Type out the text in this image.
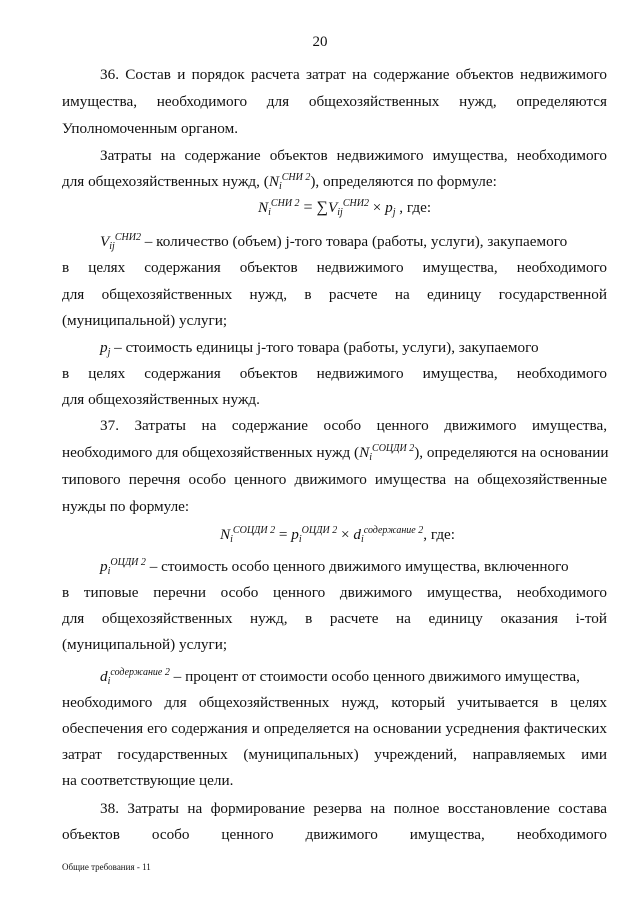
20
36. Состав и порядок расчета затрат на содержание объектов недвижимого
имущества, необходимого для общехозяйственных нужд, определяются
Уполномоченным органом.
Затраты на содержание объектов недвижимого имущества, необходимого
для общехозяйственных нужд, $(N_i^{СНИ 2})$, определяются по формуле:
$N_i^{СНИ 2} = \sum V_{ij}^{СНИ2} \times p_j$ , где:
$V_{ij}^{СНИ2}$ – количество (объем) j-того товара (работы, услуги), закупаемого
в целях содержания объектов недвижимого имущества, необходимого
для общехозяйственных нужд, в расчете на единицу государственной
(муниципальной) услуги;
$p_j$ – стоимость единицы j-того товара (работы, услуги), закупаемого
в целях содержания объектов недвижимого имущества, необходимого
для общехозяйственных нужд.
37. Затраты на содержание особо ценного движимого имущества,
необходимого для общехозяйственных нужд $(N_i^{СОЦДИ 2})$, определяются на основании
типового перечня особо ценного движимого имущества на общехозяйственные
нужды по формуле:
$N_i^{СОЦДИ 2} = p_i^{ОЦДИ 2} \times d_i^{содержание 2}$, где:
$p_i^{ОЦДИ 2}$ – стоимость особо ценного движимого имущества, включенного
в типовые перечни особо ценного движимого имущества, необходимого
для общехозяйственных нужд, в расчете на единицу оказания i-той
(муниципальной) услуги;
$d_i^{содержание 2}$ – процент от стоимости особо ценного движимого имущества,
необходимого для общехозяйственных нужд, который учитывается в целях
обеспечения его содержания и определяется на основании усреднения фактических
затрат государственных (муниципальных) учреждений, направляемых ими
на соответствующие цели.
38. Затраты на формирование резерва на полное восстановление состава
объектов особо ценного движимого имущества, необходимого
Общие требования - 11
